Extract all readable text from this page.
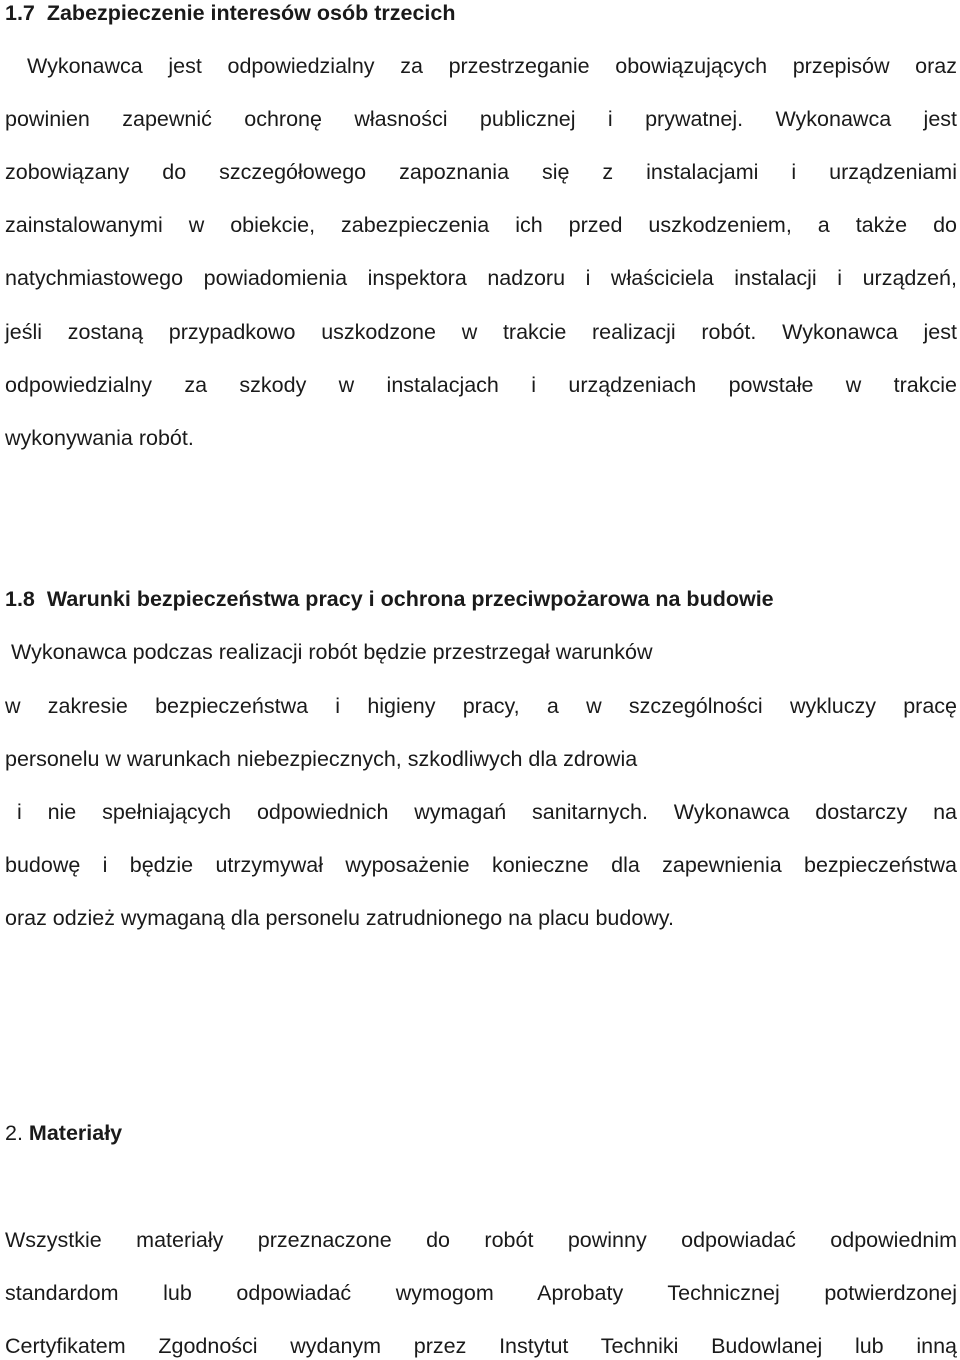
1.7 Zabezpieczenie interesów osób trzecich
Wykonawca jest odpowiedzialny za przestrzeganie obowiązujących przepisów oraz
powinien zapewnić ochronę własności publicznej i prywatnej. Wykonawca jest
zobowiązany do szczegółowego zapoznania się z instalacjami i urządzeniami
zainstalowanymi w obiekcie, zabezpieczenia ich przed uszkodzeniem, a także do
natychmiastowego powiadomienia inspektora nadzoru i właściciela instalacji i urządzeń,
jeśli zostaną przypadkowo uszkodzone w trakcie realizacji robót. Wykonawca jest
odpowiedzialny za szkody w instalacjach i urządzeniach powstałe w trakcie
wykonywania robót.
1.8 Warunki bezpieczeństwa pracy i ochrona przeciwpożarowa na budowie
Wykonawca podczas realizacji robót będzie przestrzegał warunków
w zakresie bezpieczeństwa i higieny pracy, a w szczególności wykluczy pracę
personelu w warunkach niebezpiecznych, szkodliwych dla zdrowia
i nie spełniających odpowiednich wymagań sanitarnych. Wykonawca dostarczy na
budowę i będzie utrzymywał wyposażenie konieczne dla zapewnienia bezpieczeństwa
oraz odzież wymaganą dla personelu zatrudnionego na placu budowy.
2. Materiały
Wszystkie materiały przeznaczone do robót powinny odpowiadać odpowiednim
standardom lub odpowiadać wymogom Aprobaty Technicznej potwierdzonej
Certyfikatem Zgodności wydanym przez Instytut Techniki Budowlanej lub inną
